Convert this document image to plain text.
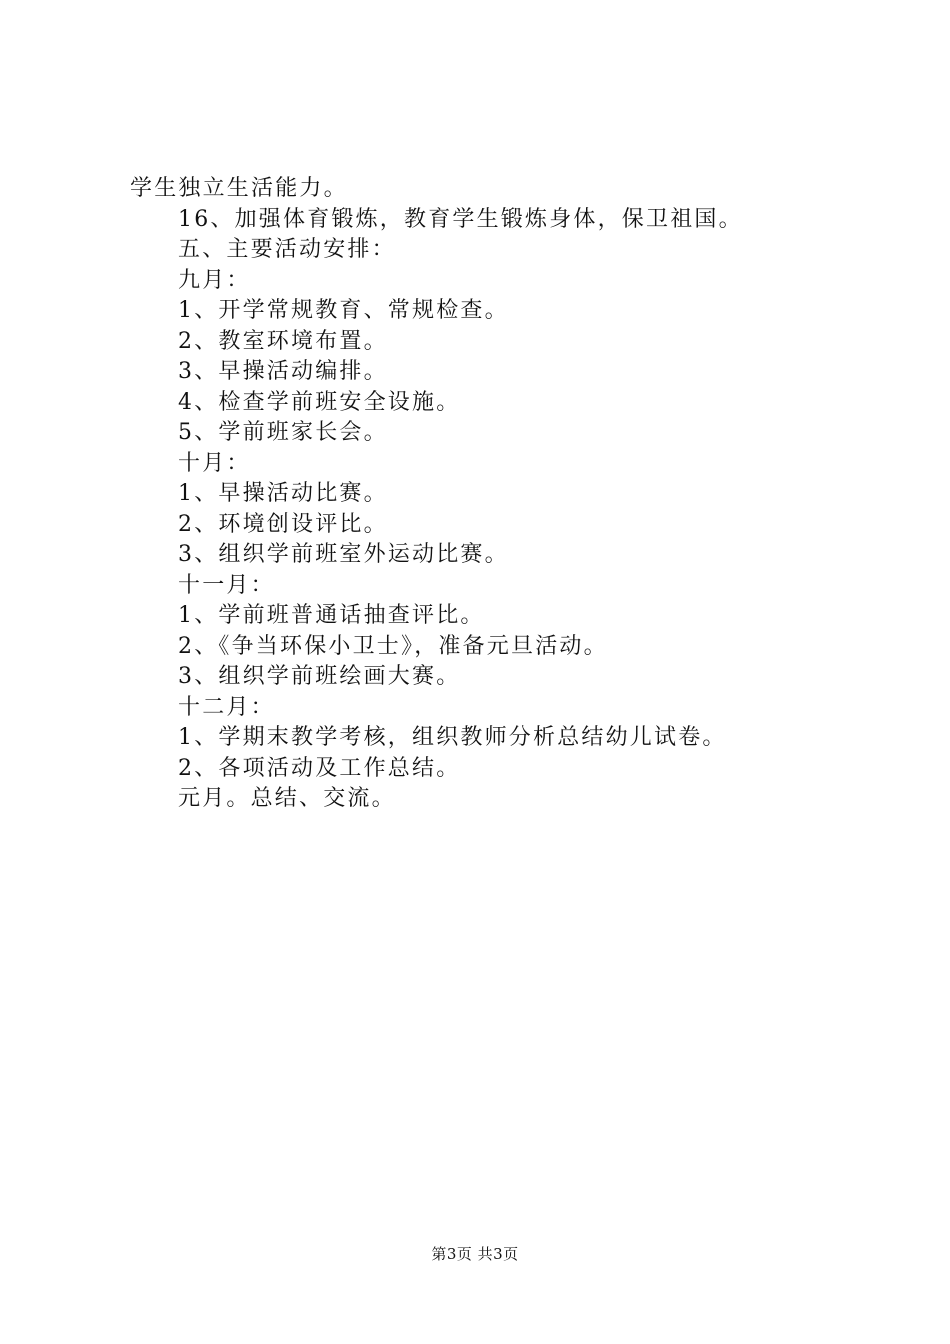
学生独立生活能力。
16、加强体育锻炼，教育学生锻炼身体，保卫祖国。
五、主要活动安排：
九月：
1、开学常规教育、常规检查。
2、教室环境布置。
3、早操活动编排。
4、检查学前班安全设施。
5、学前班家长会。
十月：
1、早操活动比赛。
2、环境创设评比。
3、组织学前班室外运动比赛。
十一月：
1、学前班普通话抽查评比。
2、《争当环保小卫士》，准备元旦活动。
3、组织学前班绘画大赛。
十二月：
1、学期末教学考核，组织教师分析总结幼儿试卷。
2、各项活动及工作总结。
元月。总结、交流。
第3页 共3页
